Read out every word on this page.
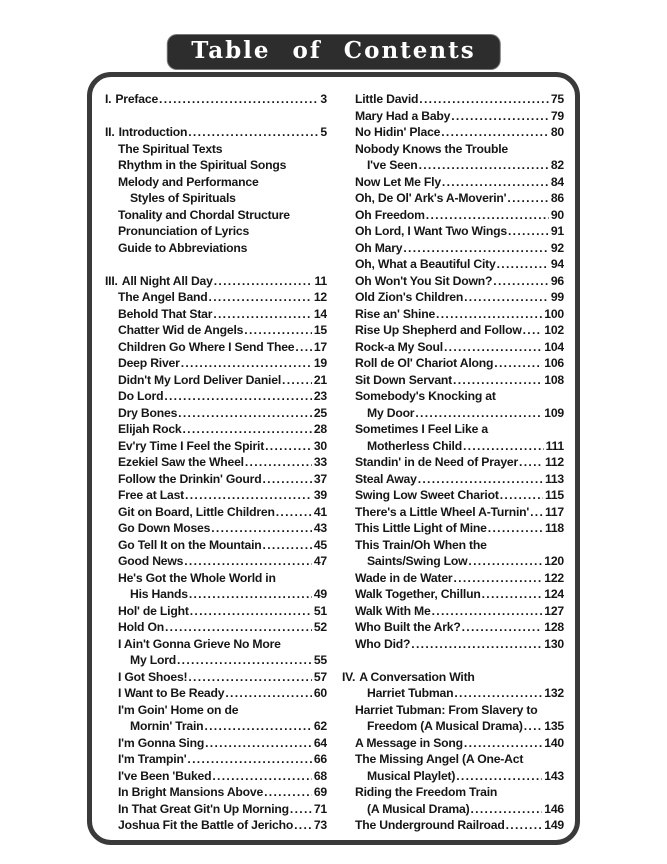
Table of Contents
I. Preface .....	3
II. Introduction .....	5
The Spiritual Texts
Rhythm in the Spiritual Songs
Melody and Performance
Styles of Spirituals
Tonality and Chordal Structure
Pronunciation of Lyrics
Guide to Abbreviations
III. All Night All Day .....	11
The Angel Band .....	12
Behold That Star .....	14
Chatter Wid de Angels .....	15
Children Go Where I Send Thee ..... 17
Deep River .....	19
Didn't My Lord Deliver Daniel .....	21
Do Lord .....	23
Dry Bones .....	25
Elijah Rock .....	28
Ev'ry Time I Feel the Spirit .....	30
Ezekiel Saw the Wheel .....	33
Follow the Drinkin' Gourd .....	37
Free at Last .....	39
Git on Board, Little Children .....	41
Go Down Moses .....	43
Go Tell It on the Mountain .....	45
Good News .....	47
He's Got the Whole World in
His Hands .....	49
Hol' de Light .....	51
Hold On .....	52
I Ain't Gonna Grieve No More
My Lord .....	55
I Got Shoes! .....	57
I Want to Be Ready .....	60
I'm Goin' Home on de
Mornin' Train .....	62
I'm Gonna Sing .....	64
I'm Trampin' .....	66
I've Been 'Buked .....	68
In Bright Mansions Above .....	69
In That Great Git'n Up Morning ..... 71
Joshua Fit the Battle of Jericho ..... 73
Little David .....	75
Mary Had a Baby .....	79
No Hidin' Place .....	80
Nobody Knows the Trouble
I've Seen .....	82
Now Let Me Fly .....	84
Oh, De Ol' Ark's A-Moverin' .....	86
Oh Freedom .....	90
Oh Lord, I Want Two Wings .....	91
Oh Mary .....	92
Oh, What a Beautiful City .....	94
Oh Won't You Sit Down? .....	96
Old Zion's Children .....	99
Rise an' Shine .....	100
Rise Up Shepherd and Follow ..... 102
Rock-a My Soul .....	104
Roll de Ol' Chariot Along .....	106
Sit Down Servant .....	108
Somebody's Knocking at
My Door .....	109
Sometimes I Feel Like a
Motherless Child .....	111
Standin' in de Need of Prayer ..... 112
Steal Away .....	113
Swing Low Sweet Chariot .....	115
There's a Little Wheel A-Turnin' ..... 117
This Little Light of Mine .....	118
This Train/Oh When the
Saints/Swing Low .....	120
Wade in de Water .....	122
Walk Together, Chillun .....	124
Walk With Me .....	127
Who Built the Ark? .....	128
Who Did? .....	130
IV. A Conversation With
Harriet Tubman .....	132
Harriet Tubman: From Slavery to
Freedom (A Musical Drama) ..... 135
A Message in Song .....	140
The Missing Angel (A One-Act
Musical Playlet) .....	143
Riding the Freedom Train
(A Musical Drama) .....	146
The Underground Railroad .....	149
